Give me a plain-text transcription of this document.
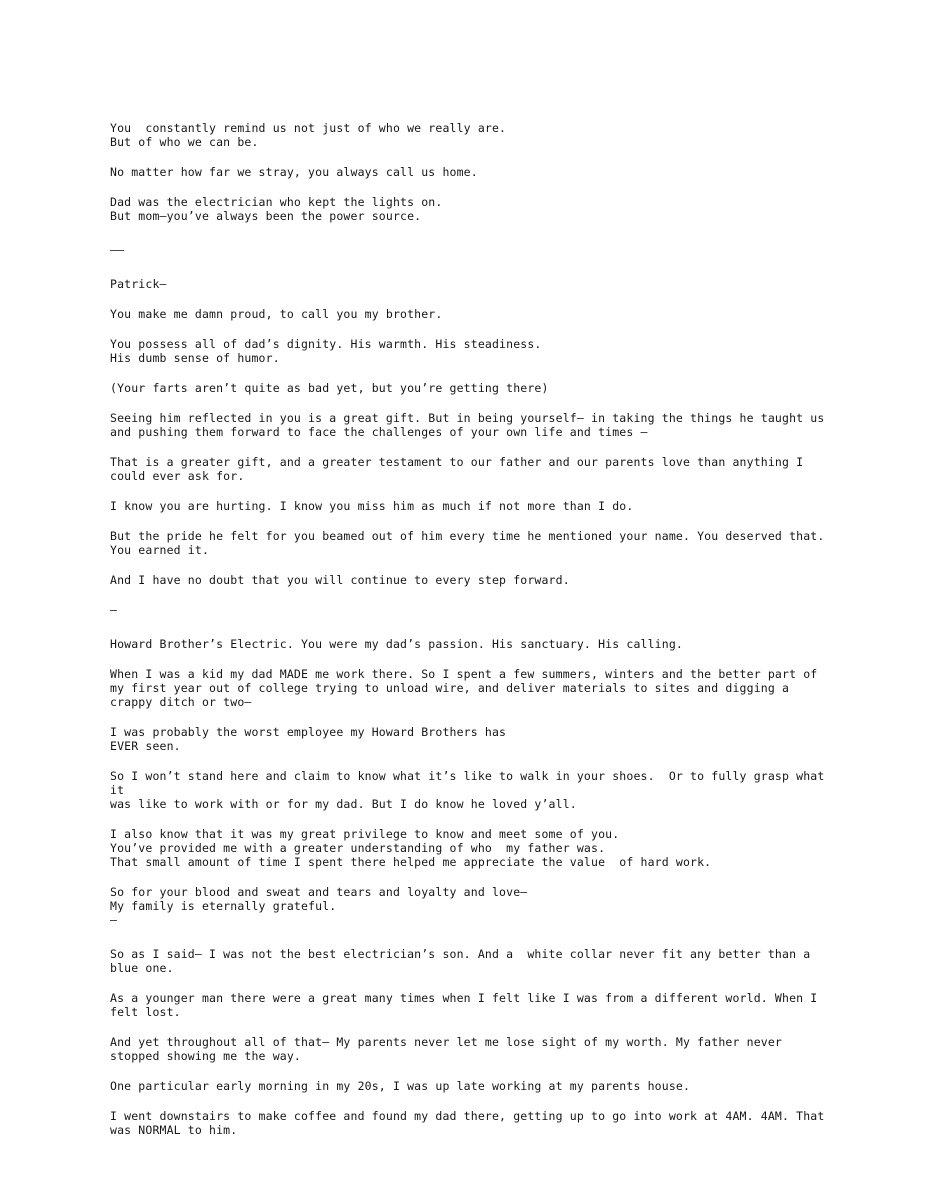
You  constantly remind us not just of who we really are.
But of who we can be.

No matter how far we stray, you always call us home.

Dad was the electrician who kept the lights on.
But mom—you’ve always been the power source.

——

Patrick—

You make me damn proud, to call you my brother.

You possess all of dad’s dignity. His warmth. His steadiness.
His dumb sense of humor.

(Your farts aren’t quite as bad yet, but you’re getting there)

Seeing him reflected in you is a great gift. But in being yourself— in taking the things he taught us
and pushing them forward to face the challenges of your own life and times —

That is a greater gift, and a greater testament to our father and our parents love than anything I
could ever ask for.

I know you are hurting. I know you miss him as much if not more than I do.

But the pride he felt for you beamed out of him every time he mentioned your name. You deserved that.
You earned it.

And I have no doubt that you will continue to every step forward.

—

Howard Brother’s Electric. You were my dad’s passion. His sanctuary. His calling.

When I was a kid my dad MADE me work there. So I spent a few summers, winters and the better part of
my first year out of college trying to unload wire, and deliver materials to sites and digging a
crappy ditch or two—

I was probably the worst employee my Howard Brothers has
EVER seen.

So I won’t stand here and claim to know what it’s like to walk in your shoes.  Or to fully grasp what it
was like to work with or for my dad. But I do know he loved y’all.

I also know that it was my great privilege to know and meet some of you.
You’ve provided me with a greater understanding of who  my father was.
That small amount of time I spent there helped me appreciate the value  of hard work.

So for your blood and sweat and tears and loyalty and love—
My family is eternally grateful.
—

So as I said— I was not the best electrician’s son. And a  white collar never fit any better than a
blue one.

As a younger man there were a great many times when I felt like I was from a different world. When I
felt lost.

And yet throughout all of that— My parents never let me lose sight of my worth. My father never
stopped showing me the way.

One particular early morning in my 20s, I was up late working at my parents house.

I went downstairs to make coffee and found my dad there, getting up to go into work at 4AM. 4AM. That
was NORMAL to him.
